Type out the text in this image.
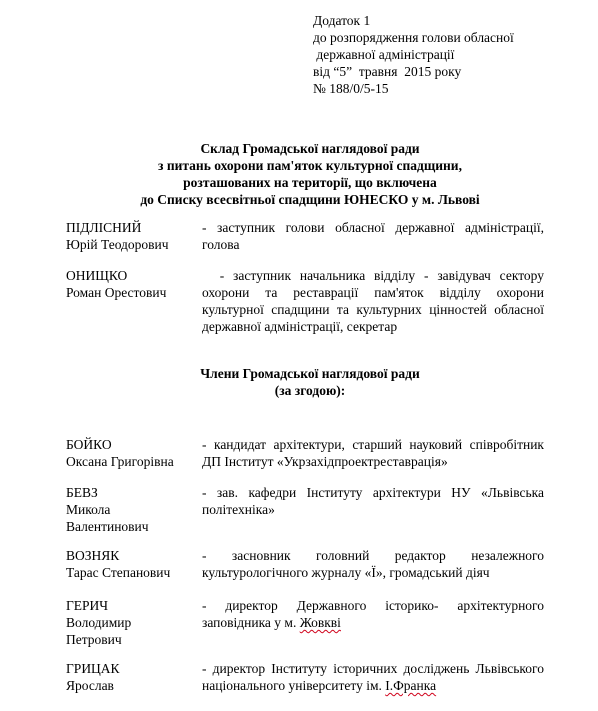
Додаток 1
до розпорядження голови обласної
державної адміністрації
від “5”  травня  2015 року
№ 188/0/5-15
Склад Громадської наглядової ради
з питань охорони пам'яток культурної спадщини,
розташованих на території, що включена
до Списку всесвітньої спадщини ЮНЕСКО у м. Львові
ПІДЛІСНИЙ
Юрій Теодорович
- заступник голови обласної державної адміністрації, голова
ОНИЩКО
Роман Орестович
- заступник начальника відділу - завідувач сектору охорони та реставрації пам'яток відділу охорони культурної спадщини та культурних цінностей обласної державної адміністрації, секретар
Члени Громадської наглядової ради
(за згодою):
БОЙКО
Оксана Григорівна
- кандидат архітектури, старший науковий співробітник ДП Інститут «Укрзахідпроектреставрація»
БЕВЗ
Микола
Валентинович
- зав. кафедри Інституту архітектури НУ «Львівська політехніка»
ВОЗНЯК
Тарас Степанович
- засновник головний редактор незалежного культурологічного журналу «Ї», громадський діяч
ГЕРИЧ
Володимир
Петрович
- директор Державного історико- архітектурного заповідника у м. Жовкві
ГРИЦАК
Ярослав
- директор Інституту історичних досліджень Львівського національного університету ім. І.Франка
